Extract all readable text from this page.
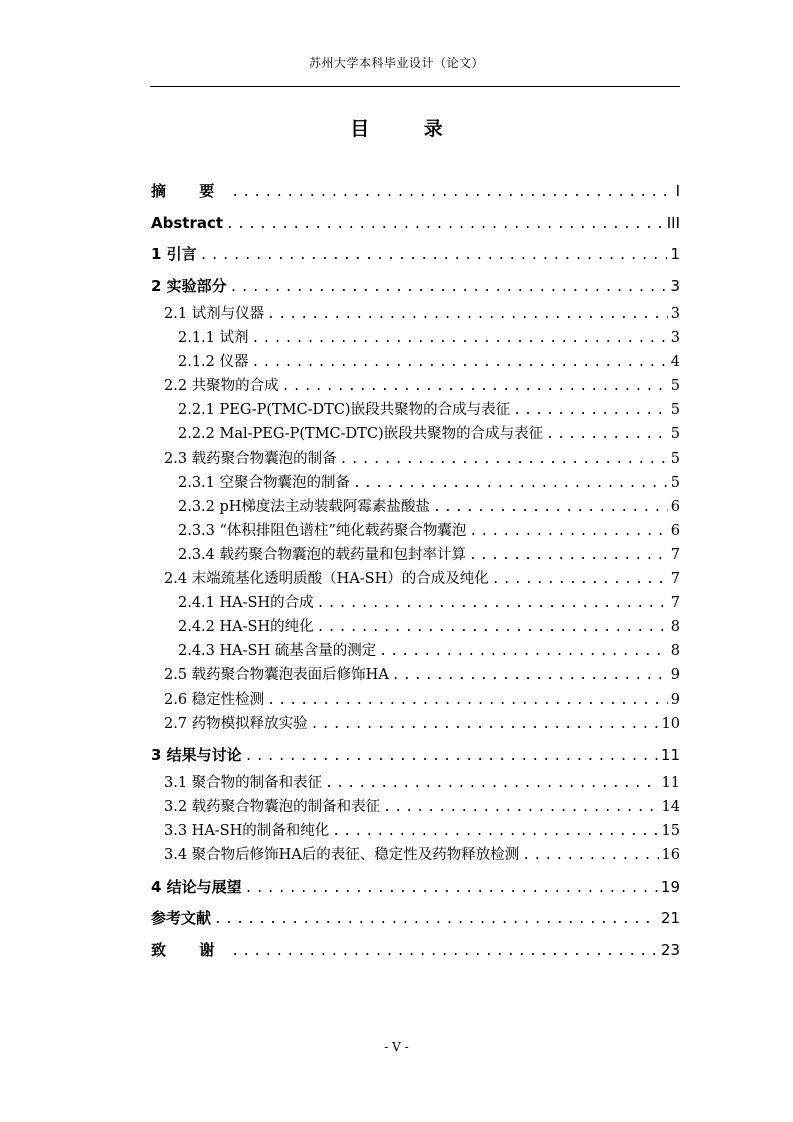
苏州大学本科毕业设计（论文）
目 录
摘 要 .....	I
Abstract .....	III
1 引言 .....	1
2 实验部分 .....	3
2.1 试剂与仪器 .....	3
2.1.1 试剂 .....	3
2.1.2 仪器 .....	4
2.2 共聚物的合成 .....	5
2.2.1 PEG-P(TMC-DTC)嵌段共聚物的合成与表征 .....	5
2.2.2 Mal-PEG-P(TMC-DTC)嵌段共聚物的合成与表征 .....	5
2.3 载药聚合物囊泡的制备 .....	5
2.3.1 空聚合物囊泡的制备 .....	5
2.3.2 pH梯度法主动装载阿霉素盐酸盐 .....	6
2.3.3 “体积排阻色谱柱”纯化载药聚合物囊泡 .....	6
2.3.4 载药聚合物囊泡的载药量和包封率计算 .....	7
2.4 末端巯基化透明质酸（HA-SH）的合成及纯化 .....	7
2.4.1 HA-SH的合成 .....	7
2.4.2 HA-SH的纯化 .....	8
2.4.3 HA-SH 硫基含量的测定 .....	8
2.5 载药聚合物囊泡表面后修饰HA .....	9
2.6 稳定性检测 .....	9
2.7 药物模拟释放实验 .....	10
3 结果与讨论 .....	11
3.1 聚合物的制备和表征 .....	11
3.2 载药聚合物囊泡的制备和表征 .....	14
3.3 HA-SH的制备和纯化 .....	15
3.4 聚合物后修饰HA后的表征、稳定性及药物释放检测 .....	16
4 结论与展望 .....	19
参考文献 .....	21
致 谢 .....	23
- V -
